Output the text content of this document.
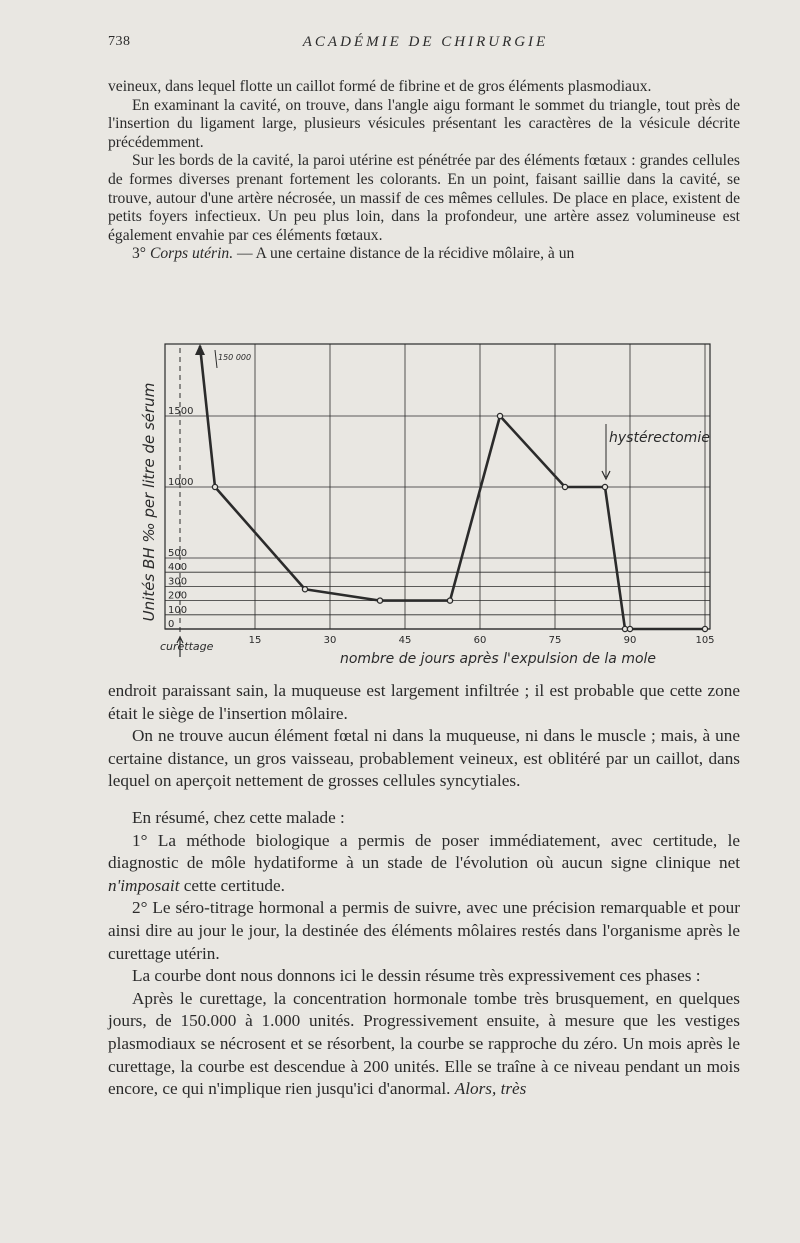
738	ACADÉMIE DE CHIRURGIE

veineux, dans lequel flotte un caillot formé de fibrine et de gros éléments plasmodiaux.

En examinant la cavité, on trouve, dans l'angle aigu formant le sommet du triangle, tout près de l'insertion du ligament large, plusieurs vésicules présentant les caractères de la vésicule décrite précédemment.

Sur les bords de la cavité, la paroi utérine est pénétrée par des éléments fœtaux : grandes cellules de formes diverses prenant fortement les colorants. En un point, faisant saillie dans la cavité, se trouve, autour d'une artère nécrosée, un massif de ces mêmes cellules. De place en place, existent de petits foyers infectieux. Un peu plus loin, dans la profondeur, une artère assez volumineuse est également envahie par ces éléments fœtaux.

3° Corps utérin. — A une certaine distance de la récidive môlaire, à un

Unités BH ‰ per litre de sérum
0
100
200
300
400
500
1000
1500
15	30	45	60	75	90	105
150 000
hystérectomie
curettage
nombre de jours après l'expulsion de la mole

endroit paraissant sain, la muqueuse est largement infiltrée ; il est probable que cette zone était le siège de l'insertion môlaire.

On ne trouve aucun élément fœtal ni dans la muqueuse, ni dans le muscle ; mais, à une certaine distance, un gros vaisseau, probablement veineux, est oblitéré par un caillot, dans lequel on aperçoit nettement de grosses cellules syncytiales.

En résumé, chez cette malade :

1° La méthode biologique a permis de poser immédiatement, avec certitude, le diagnostic de môle hydatiforme à un stade de l'évolution où aucun signe clinique net n'imposait cette certitude.

2° Le séro-titrage hormonal a permis de suivre, avec une précision remarquable et pour ainsi dire au jour le jour, la destinée des éléments môlaires restés dans l'organisme après le curettage utérin.

La courbe dont nous donnons ici le dessin résume très expressivement ces phases :

Après le curettage, la concentration hormonale tombe très brusquement, en quelques jours, de 150.000 à 1.000 unités. Progressivement ensuite, à mesure que les vestiges plasmodiaux se nécrosent et se résorbent, la courbe se rapproche du zéro. Un mois après le curettage, la courbe est descendue à 200 unités. Elle se traîne à ce niveau pendant un mois encore, ce qui n'implique rien jusqu'ici d'anormal. Alors, très
